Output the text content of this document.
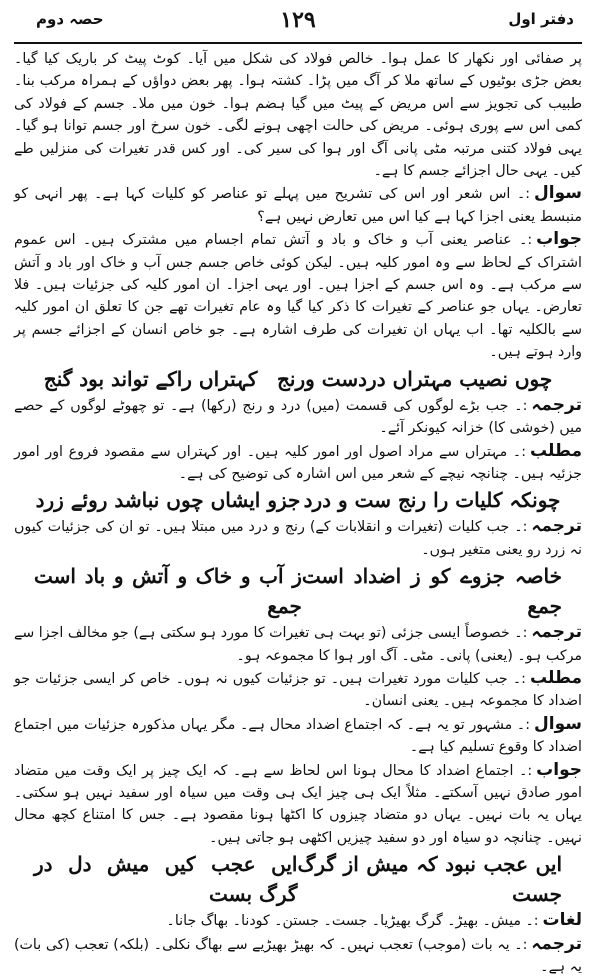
حصہ دوم	۱۲۹	دفتر اول

پر صفائی اور نکھار کا عمل ہوا۔ خالص فولاد کی شکل میں آیا۔ کوٹ پیٹ کر باریک کیا گیا۔ بعض جڑی بوٹیوں کے ساتھ ملا کر آگ میں پڑا۔ کشتہ ہوا۔ پھر بعض دواؤں کے ہمراہ مرکب بنا۔ طبیب کی تجویز سے اس مریض کے پیٹ میں گیا ہضم ہوا۔ خون میں ملا۔ جسم کے فولاد کی کمی اس سے پوری ہوئی۔ مریض کی حالت اچھی ہونے لگی۔ خون سرخ اور جسم توانا ہو گیا۔ یہی فولاد کتنی مرتبہ مٹی پانی آگ اور ہوا کی سیر کی۔ اور کس قدر تغیرات کی منزلیں طے کیں۔ یہی حال اجزائے جسم کا ہے۔

سوال:۔ اس شعر اور اس کی تشریح میں پہلے تو عناصر کو کلیات کہا ہے۔ پھر انہی کو منبسط یعنی اجزا کہا ہے کیا اس میں تعارض نہیں ہے؟

جواب:۔ عناصر یعنی آب و خاک و باد و آتش تمام اجسام میں مشترک ہیں۔ اس عموم اشتراک کے لحاظ سے وہ امور کلیہ ہیں۔ لیکن کوئی خاص جسم جس آب و خاک اور باد و آتش سے مرکب ہے۔ وہ اس جسم کے اجزا ہیں۔ اور یہی اجزا۔ ان امور کلیہ کی جزئیات ہیں۔ فلا تعارض۔ یہاں جو عناصر کے تغیرات کا ذکر کیا گیا وہ عام تغیرات تھے جن کا تعلق ان امور کلیہ سے بالکلیہ تھا۔ اب یہاں ان تغیرات کی طرف اشارہ ہے۔ جو خاص انسان کے اجزائے جسم پر وارد ہوتے ہیں۔

چوں نصیب مہتراں دردست ورنج
کہتراں راکے تواند بود گنج

ترجمہ:۔ جب بڑے لوگوں کی قسمت (میں) درد و رنج (رکھا) ہے۔ تو چھوٹے لوگوں کے حصے میں (خوشی کا) خزانہ کیونکر آئے۔

مطلب:۔ مہتراں سے مراد اصول اور امور کلیہ ہیں۔ اور کہتراں سے مقصود فروع اور امور جزئیہ ہیں۔ چنانچہ نیچے کے شعر میں اس اشارہ کی توضیح کی ہے۔

چونکہ کلیات را رنج ست و درد
جزو ایشاں چوں نباشد روئے زرد

ترجمہ:۔ جب کلیات (تغیرات و انقلابات کے) رنج و درد میں مبتلا ہیں۔ تو ان کی جزئیات کیوں نہ زرد رو یعنی متغیر ہوں۔

خاصہ جزوے کو ز اضداد است جمع
ز آب و خاک و آتش و باد است جمع

ترجمہ:۔ خصوصاً ایسی جزئی (تو بہت ہی تغیرات کا مورد ہو سکتی ہے) جو مخالف اجزا سے مرکب ہو۔ (یعنی) پانی۔ مٹی۔ آگ اور ہوا کا مجموعہ ہو۔

مطلب:۔ جب کلیات مورد تغیرات ہیں۔ تو جزئیات کیوں نہ ہوں۔ خاص کر ایسی جزئیات جو اضداد کا مجموعہ ہیں۔ یعنی انسان۔

سوال:۔ مشہور تو یہ ہے۔ کہ اجتماع اضداد محال ہے۔ مگر یہاں مذکورہ جزئیات میں اجتماع اضداد کا وقوع تسلیم کیا ہے۔

جواب:۔ اجتماع اضداد کا محال ہونا اس لحاظ سے ہے۔ کہ ایک چیز پر ایک وقت میں متضاد امور صادق نہیں آسکتے۔ مثلاً ایک ہی چیز ایک ہی وقت میں سیاہ اور سفید نہیں ہو سکتی۔ یہاں یہ بات نہیں۔ یہاں دو متضاد چیزوں کا اکٹھا ہونا مقصود ہے۔ جس کا امتناع کچھ محال نہیں۔ چنانچہ دو سیاہ اور دو سفید چیزیں اکٹھی ہو جاتی ہیں۔

ایں عجب نبود کہ میش از گرگ جست
ایں عجب کیں میش دل در گرگ بست

لغات:۔ میش۔ بھیڑ۔ گرگ بھیڑیا۔ جست۔ جستن۔ کودنا۔ بھاگ جانا۔

ترجمہ:۔ یہ بات (موجب) تعجب نہیں۔ کہ بھیڑ بھیڑیے سے بھاگ نکلی۔ (بلکہ) تعجب (کی بات) یہ ہے۔
